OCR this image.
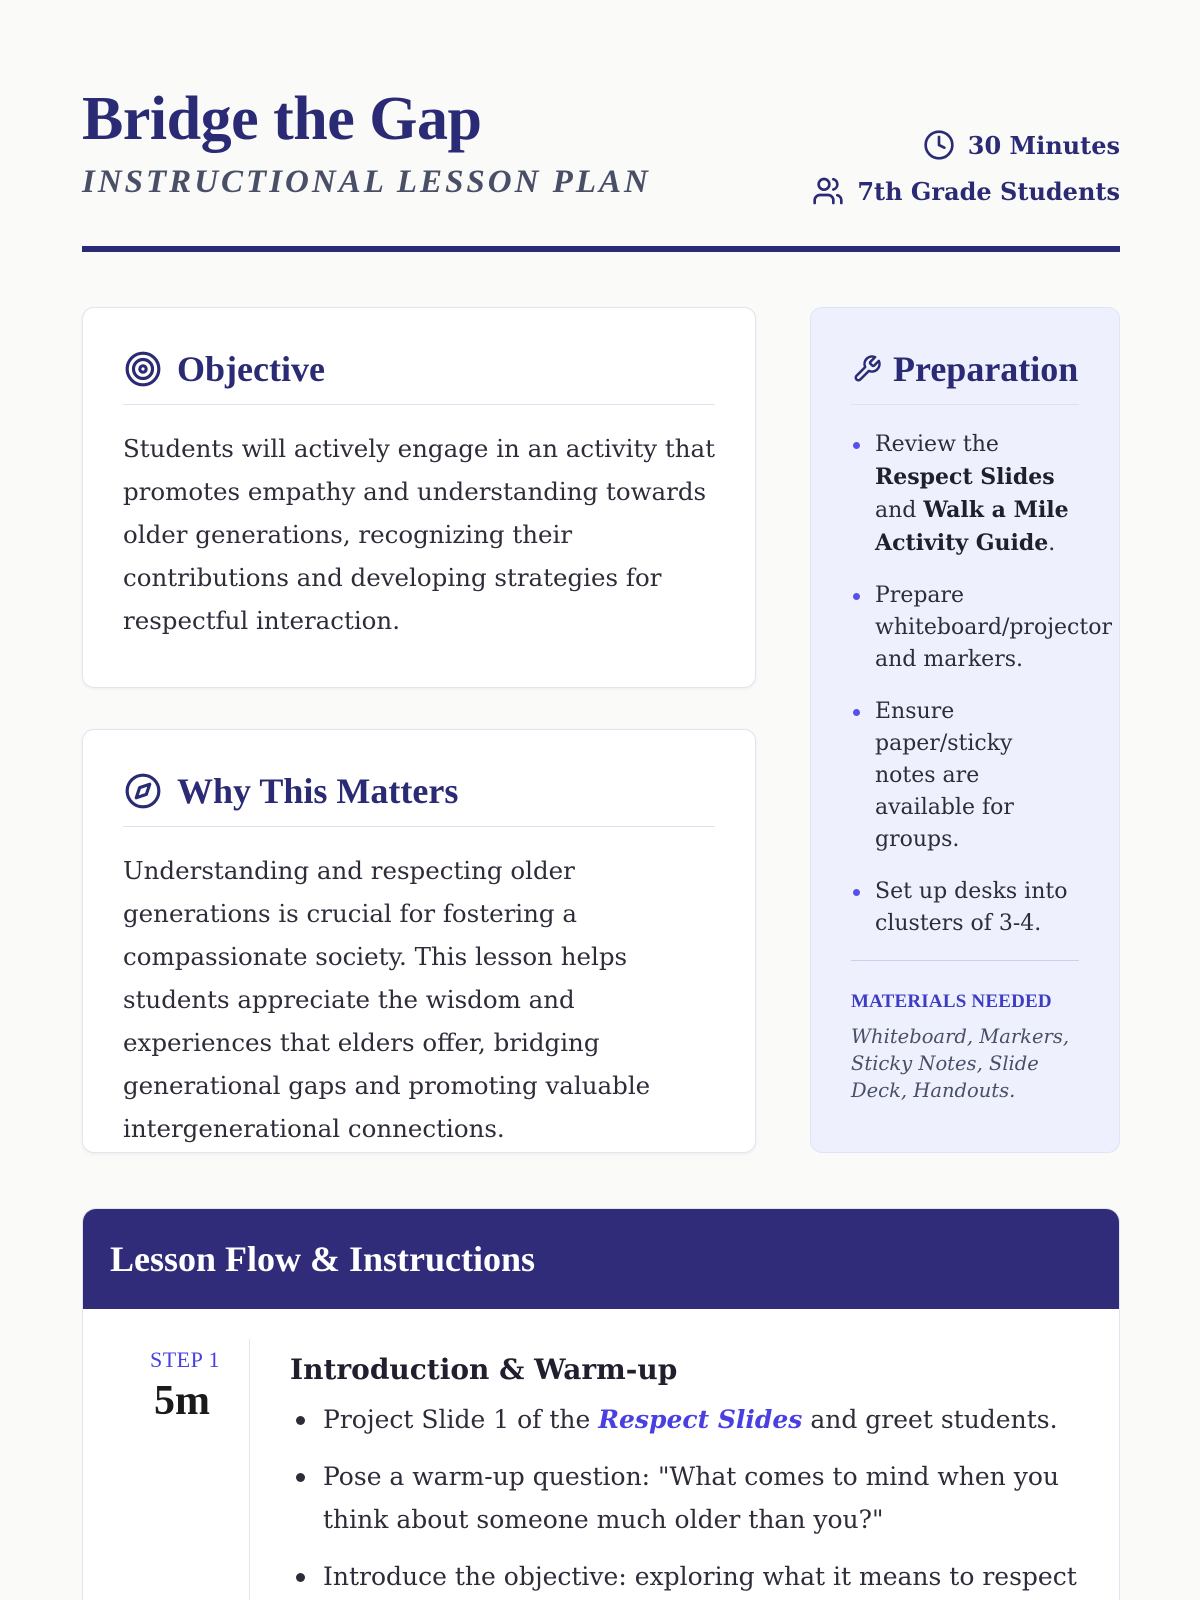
Bridge the Gap
INSTRUCTIONAL LESSON PLAN
30 Minutes
7th Grade Students
Objective

Students will actively engage in an activity that promotes empathy and understanding towards older generations, recognizing their contributions and developing strategies for respectful interaction.

Why This Matters

Understanding and respecting older generations is crucial for fostering a compassionate society. This lesson helps students appreciate the wisdom and experiences that elders offer, bridging generational gaps and promoting valuable intergenerational connections.

Preparation
Review the Respect Slides and Walk a Mile Activity Guide.
Prepare whiteboard/projector and markers.
Ensure paper/sticky notes are available for groups.
Set up desks into clusters of 3-4.
MATERIALS NEEDED
Whiteboard, Markers, Sticky Notes, Slide Deck, Handouts.
Lesson Flow & Instructions
STEP 1
5m
Introduction & Warm-up
Project Slide 1 of the Respect Slides and greet students.
Pose a warm-up question: "What comes to mind when you think about someone much older than you?"
Introduce the objective: exploring what it means to respect
